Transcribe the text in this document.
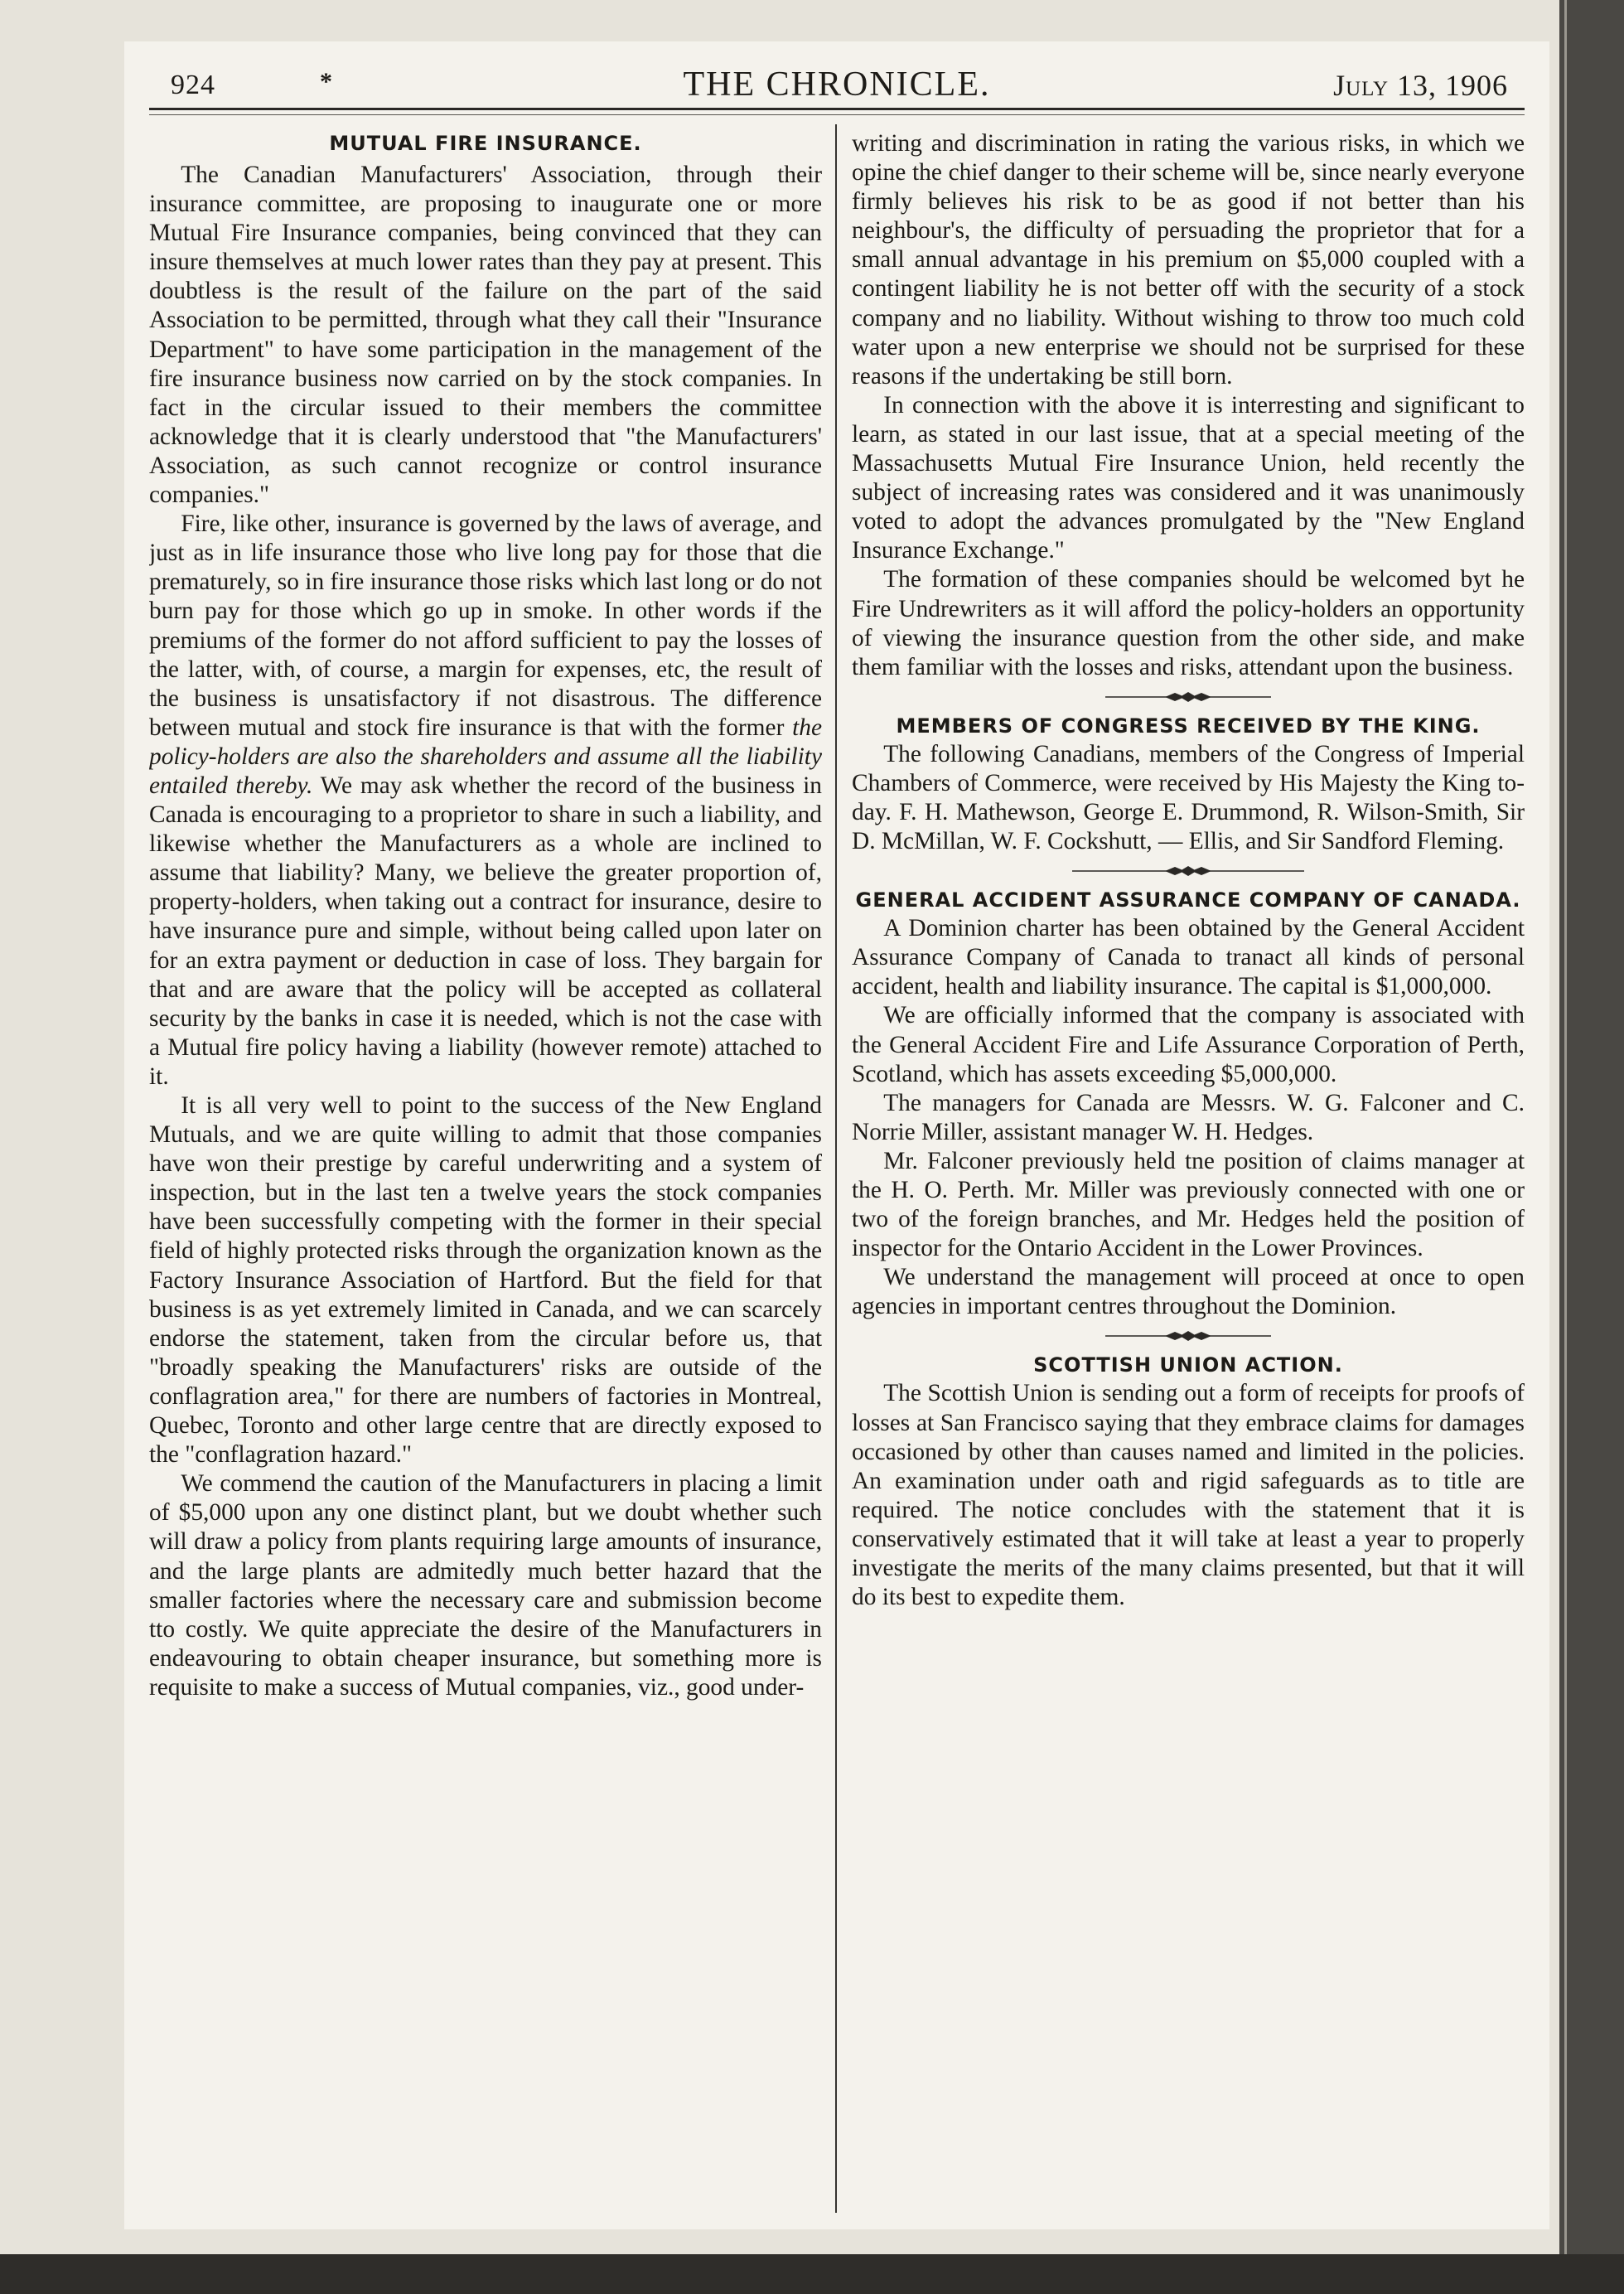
924	*	THE CHRONICLE.	July 13, 1906
MUTUAL FIRE INSURANCE.

The Canadian Manufacturers' Association, through their insurance committee, are proposing to inaugurate one or more Mutual Fire Insurance companies, being convinced that they can insure themselves at much lower rates than they pay at present. This doubtless is the result of the failure on the part of the said Association to be permitted, through what they call their "Insurance Department" to have some participation in the management of the fire insurance business now carried on by the stock companies. In fact in the circular issued to their members the committee acknowledge that it is clearly understood that "the Manufacturers' Association, as such cannot recognize or control insurance companies."

Fire, like other, insurance is governed by the laws of average, and just as in life insurance those who live long pay for those that die prematurely, so in fire insurance those risks which last long or do not burn pay for those which go up in smoke. In other words if the premiums of the former do not afford sufficient to pay the losses of the latter, with, of course, a margin for expenses, etc, the result of the business is unsatisfactory if not disastrous. The difference between mutual and stock fire insurance is that with the former the policy-holders are also the shareholders and assume all the liability entailed thereby. We may ask whether the record of the business in Canada is encouraging to a proprietor to share in such a liability, and likewise whether the Manufacturers as a whole are inclined to assume that liability? Many, we believe the greater proportion of, property-holders, when taking out a contract for insurance, desire to have insurance pure and simple, without being called upon later on for an extra payment or deduction in case of loss. They bargain for that and are aware that the policy will be accepted as collateral security by the banks in case it is needed, which is not the case with a Mutual fire policy having a liability (however remote) attached to it.

It is all very well to point to the success of the New England Mutuals, and we are quite willing to admit that those companies have won their prestige by careful underwriting and a system of inspection, but in the last ten a twelve years the stock companies have been successfully competing with the former in their special field of highly protected risks through the organization known as the Factory Insurance Association of Hartford. But the field for that business is as yet extremely limited in Canada, and we can scarcely endorse the statement, taken from the circular before us, that "broadly speaking the Manufacturers' risks are outside of the conflagration area," for there are numbers of factories in Montreal, Quebec, Toronto and other large centre that are directly exposed to the "conflagration hazard."

We commend the caution of the Manufacturers in placing a limit of $5,000 upon any one distinct plant, but we doubt whether such will draw a policy from plants requiring large amounts of insurance, and the large plants are admitedly much better hazard that the smaller factories where the necessary care and submission become tto costly. We quite appreciate the desire of the Manufacturers in endeavouring to obtain cheaper insurance, but something more is requisite to make a success of Mutual companies, viz., good under-

writing and discrimination in rating the various risks, in which we opine the chief danger to their scheme will be, since nearly everyone firmly believes his risk to be as good if not better than his neighbour's, the difficulty of persuading the proprietor that for a small annual advantage in his premium on $5,000 coupled with a contingent liability he is not better off with the security of a stock company and no liability. Without wishing to throw too much cold water upon a new enterprise we should not be surprised for these reasons if the undertaking be still born.

In connection with the above it is interresting and significant to learn, as stated in our last issue, that at a special meeting of the Massachusetts Mutual Fire Insurance Union, held recently the subject of increasing rates was considered and it was unanimously voted to adopt the advances promulgated by the "New England Insurance Exchange."

The formation of these companies should be welcomed byt he Fire Undrewriters as it will afford the policy-holders an opportunity of viewing the insurance question from the other side, and make them familiar with the losses and risks, attendant upon the business.

MEMBERS OF CONGRESS RECEIVED BY THE KING.

The following Canadians, members of the Congress of Imperial Chambers of Commerce, were received by His Majesty the King to-day. F. H. Mathewson, George E. Drummond, R. Wilson-Smith, Sir D. McMillan, W. F. Cockshutt, — Ellis, and Sir Sandford Fleming.

GENERAL ACCIDENT ASSURANCE COMPANY OF CANADA.

A Dominion charter has been obtained by the General Accident Assurance Company of Canada to tranact all kinds of personal accident, health and liability insurance. The capital is $1,000,000.

We are officially informed that the company is associated with the General Accident Fire and Life Assurance Corporation of Perth, Scotland, which has assets exceeding $5,000,000.

The managers for Canada are Messrs. W. G. Falconer and C. Norrie Miller, assistant manager W. H. Hedges.

Mr. Falconer previously held tne position of claims manager at the H. O. Perth. Mr. Miller was previously connected with one or two of the foreign branches, and Mr. Hedges held the position of inspector for the Ontario Accident in the Lower Provinces.

We understand the management will proceed at once to open agencies in important centres throughout the Dominion.

SCOTTISH UNION ACTION.

The Scottish Union is sending out a form of receipts for proofs of losses at San Francisco saying that they embrace claims for damages occasioned by other than causes named and limited in the policies. An examination under oath and rigid safeguards as to title are required. The notice concludes with the statement that it is conservatively estimated that it will take at least a year to properly investigate the merits of the many claims presented, but that it will do its best to expedite them.
